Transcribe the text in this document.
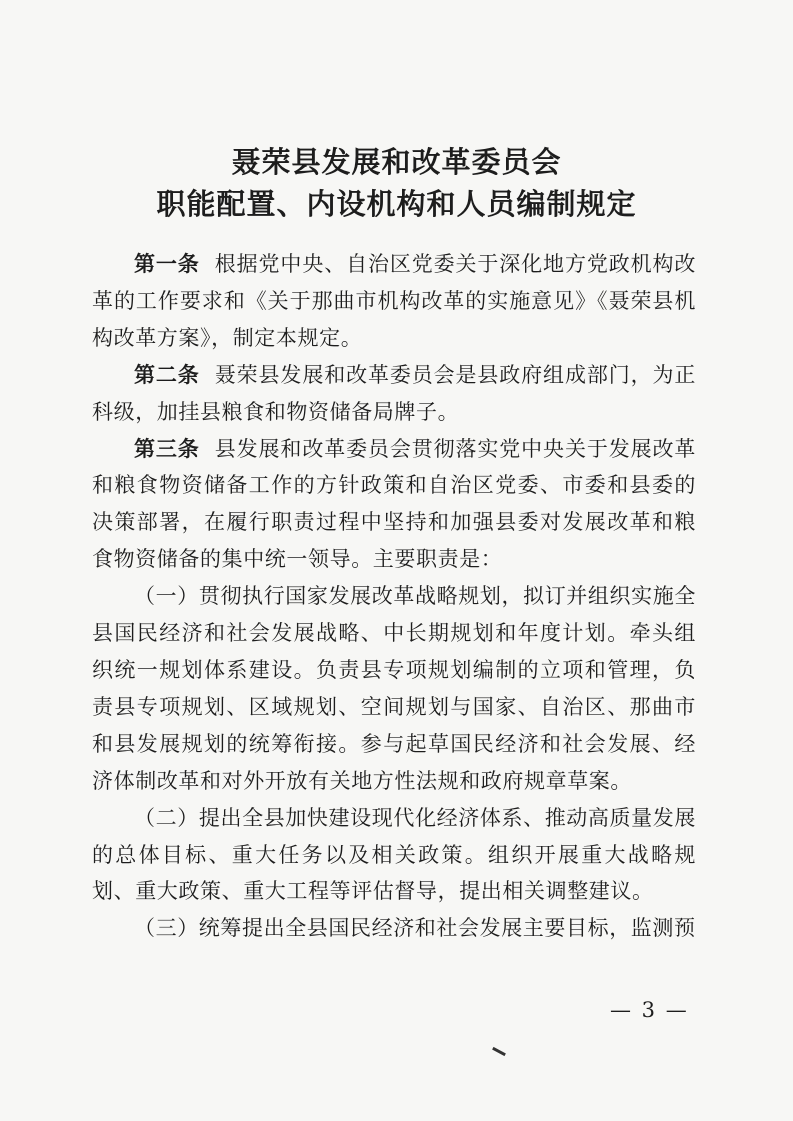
聂荣县发展和改革委员会
职能配置、内设机构和人员编制规定

第一条 根据党中央、自治区党委关于深化地方党政机构改革的工作要求和《关于那曲市机构改革的实施意见》《聂荣县机构改革方案》，制定本规定。

第二条 聂荣县发展和改革委员会是县政府组成部门，为正科级，加挂县粮食和物资储备局牌子。

第三条 县发展和改革委员会贯彻落实党中央关于发展改革和粮食物资储备工作的方针政策和自治区党委、市委和县委的决策部署，在履行职责过程中坚持和加强县委对发展改革和粮食物资储备的集中统一领导。主要职责是：

（一）贯彻执行国家发展改革战略规划，拟订并组织实施全县国民经济和社会发展战略、中长期规划和年度计划。牵头组织统一规划体系建设。负责县专项规划编制的立项和管理，负责县专项规划、区域规划、空间规划与国家、自治区、那曲市和县发展规划的统筹衔接。参与起草国民经济和社会发展、经济体制改革和对外开放有关地方性法规和政府规章草案。

（二）提出全县加快建设现代化经济体系、推动高质量发展的总体目标、重大任务以及相关政策。组织开展重大战略规划、重大政策、重大工程等评估督导，提出相关调整建议。

（三）统筹提出全县国民经济和社会发展主要目标，监测预

— 3 —
